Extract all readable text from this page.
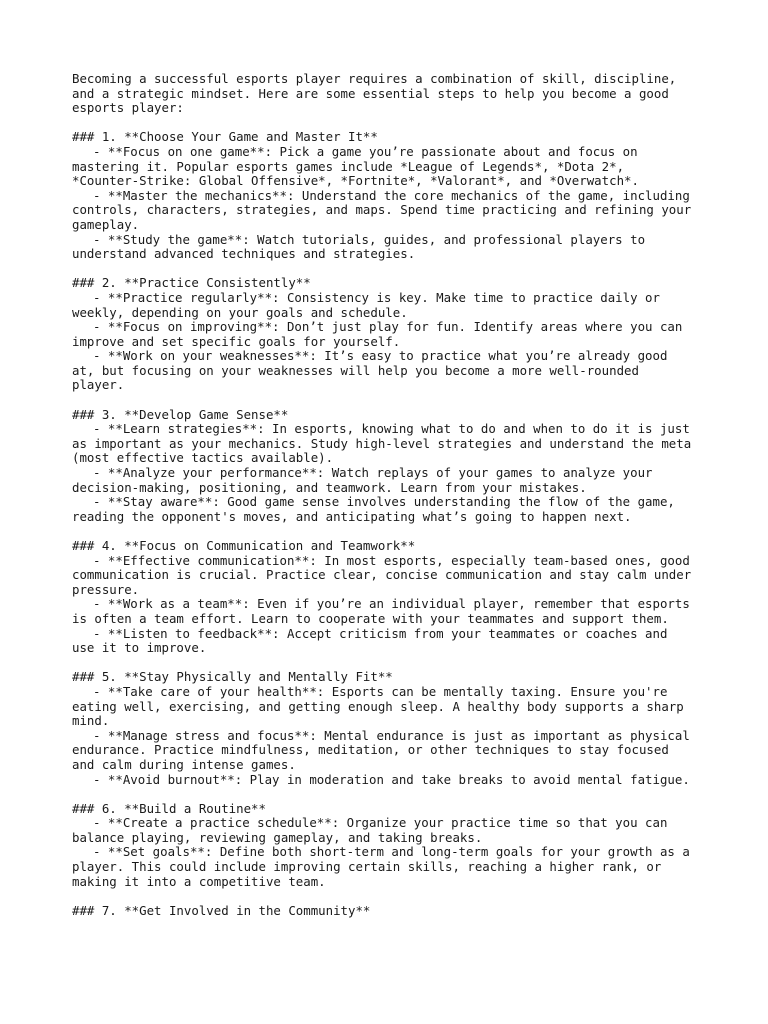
Becoming a successful esports player requires a combination of skill, discipline,
and a strategic mindset. Here are some essential steps to help you become a good
esports player:
### 1. **Choose Your Game and Master It**
- **Focus on one game**: Pick a game you’re passionate about and focus on
mastering it. Popular esports games include *League of Legends*, *Dota 2*,
*Counter-Strike: Global Offensive*, *Fortnite*, *Valorant*, and *Overwatch*.
- **Master the mechanics**: Understand the core mechanics of the game, including
controls, characters, strategies, and maps. Spend time practicing and refining your
gameplay.
- **Study the game**: Watch tutorials, guides, and professional players to
understand advanced techniques and strategies.
### 2. **Practice Consistently**
- **Practice regularly**: Consistency is key. Make time to practice daily or
weekly, depending on your goals and schedule.
- **Focus on improving**: Don’t just play for fun. Identify areas where you can
improve and set specific goals for yourself.
- **Work on your weaknesses**: It’s easy to practice what you’re already good
at, but focusing on your weaknesses will help you become a more well-rounded
player.
### 3. **Develop Game Sense**
- **Learn strategies**: In esports, knowing what to do and when to do it is just
as important as your mechanics. Study high-level strategies and understand the meta
(most effective tactics available).
- **Analyze your performance**: Watch replays of your games to analyze your
decision-making, positioning, and teamwork. Learn from your mistakes.
- **Stay aware**: Good game sense involves understanding the flow of the game,
reading the opponent's moves, and anticipating what’s going to happen next.
### 4. **Focus on Communication and Teamwork**
- **Effective communication**: In most esports, especially team-based ones, good
communication is crucial. Practice clear, concise communication and stay calm under
pressure.
- **Work as a team**: Even if you’re an individual player, remember that esports
is often a team effort. Learn to cooperate with your teammates and support them.
- **Listen to feedback**: Accept criticism from your teammates or coaches and
use it to improve.
### 5. **Stay Physically and Mentally Fit**
- **Take care of your health**: Esports can be mentally taxing. Ensure you're
eating well, exercising, and getting enough sleep. A healthy body supports a sharp
mind.
- **Manage stress and focus**: Mental endurance is just as important as physical
endurance. Practice mindfulness, meditation, or other techniques to stay focused
and calm during intense games.
- **Avoid burnout**: Play in moderation and take breaks to avoid mental fatigue.
### 6. **Build a Routine**
- **Create a practice schedule**: Organize your practice time so that you can
balance playing, reviewing gameplay, and taking breaks.
- **Set goals**: Define both short-term and long-term goals for your growth as a
player. This could include improving certain skills, reaching a higher rank, or
making it into a competitive team.
### 7. **Get Involved in the Community**
